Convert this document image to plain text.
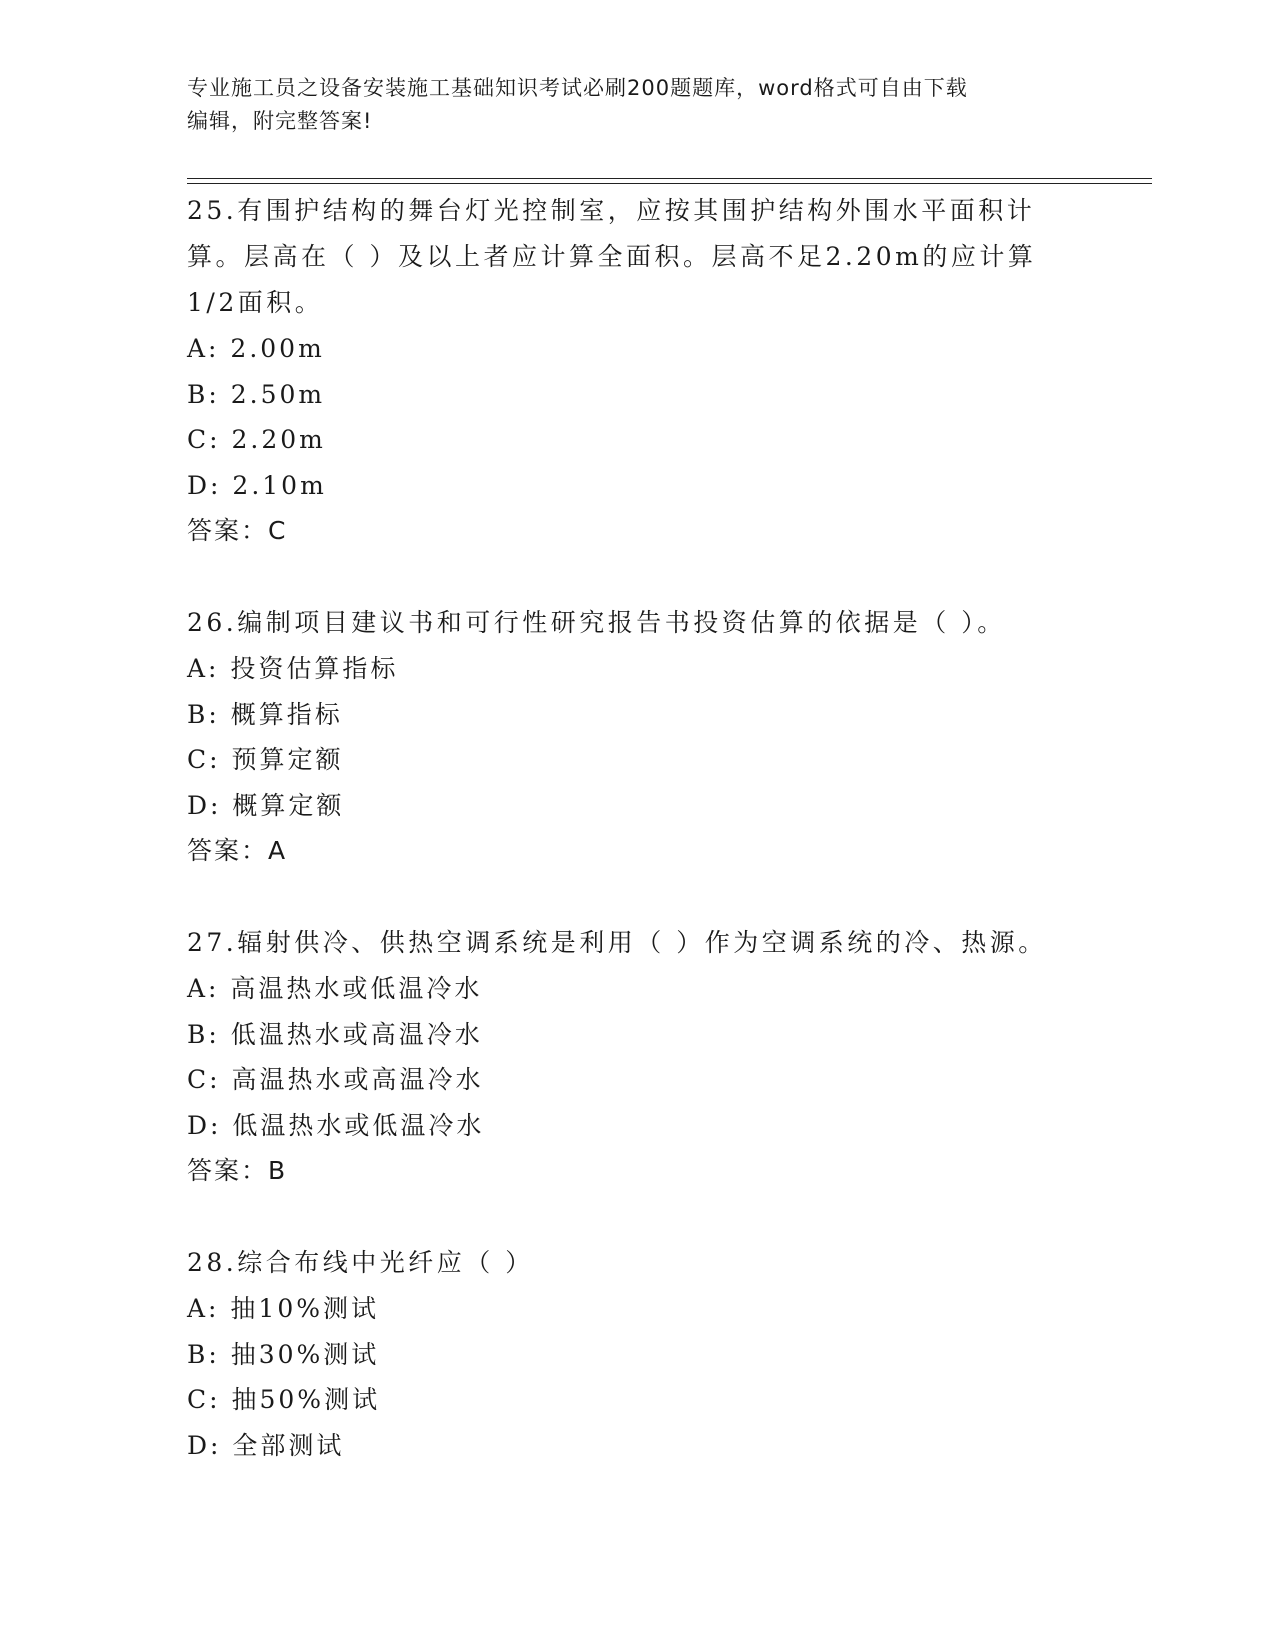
专业施工员之设备安装施工基础知识考试必刷200题题库，word格式可自由下载
编辑，附完整答案!

25.有围护结构的舞台灯光控制室，应按其围护结构外围水平面积计算。层高在（ ）及以上者应计算全面积。层高不足2.20m的应计算1/2面积。

A: 2.00m

B: 2.50m

C: 2.20m

D: 2.10m

答案：C

26.编制项目建议书和可行性研究报告书投资估算的依据是（ ）。

A: 投资估算指标

B: 概算指标

C: 预算定额

D: 概算定额

答案：A

27.辐射供冷、供热空调系统是利用（ ）作为空调系统的冷、热源。

A: 高温热水或低温冷水

B: 低温热水或高温冷水

C: 高温热水或高温冷水

D: 低温热水或低温冷水

答案：B

28.综合布线中光纤应（ ）

A: 抽10%测试

B: 抽30%测试

C: 抽50%测试

D: 全部测试
